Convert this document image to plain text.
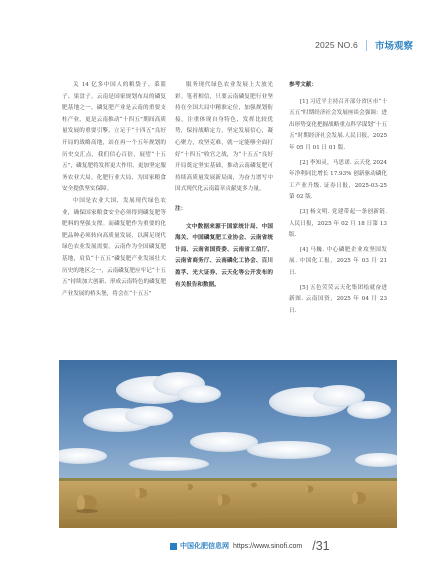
2025 NO.6 市场观察

关 14 亿多中国人的粮袋子、菜篮子、果盘子。云南是国家规划布局的磷复肥基地之一，磷复肥产业是云南的重要支柱产业，更是云南推动“十四五”期间高质量发展的重要引擎。立足于“十四五”良好开局的战略高地，站在再一个五年规划的历史交汇点，我们信心百倍，展望“十五五”，磷复肥将发挥更大作用、更加坚定服务农业大局，化肥行业大局、为国家粮食安全提供坚实保障。

中国是农业大国，发展现代绿色农业，确保国家粮食安全必须得到磷复肥等肥料的坚强支撑。而磷复肥作为重要的化肥品种必须转向高质量发展，以满足现代绿色农业发展需要。云南作为全国磷复肥基地，肩负“十五五”磷复肥产业发展壮大历史的地区之一，云南磷复肥应牢记“十五五”持续加大创新、形成云南特色的磷复肥产业发展的桥头堡，将会在“十五五”

服务现代绿色农业发展上大放光彩。笔者相信，只要云南磷复肥行业坚持在全国大局中精准定位，加强规划衔接，注重体现自身特色，发挥比较优势，保持战略定力，坚定发展信心，凝心聚力，攻坚克难，就一定能够全面打好“十四五”收官之战，为“十五五”良好开局奠定坚实基础，推动云南磷复肥可持续高质量发展新局面，为奋力谱写中国式现代化云南篇章贡献更多力量。

注：

文中数据来源于国家统计局、中国海关、中国磷复肥工业协会、云南省统计局、云南省国资委、云南省工信厅、云南省商务厅、云南磷化工协会、百川盈孚、光大证券、云天化等公开发布的有关报告和数据。

参考文献：

[1] 习近平主持召开部分省区市“十五五”时期经济社会发展座谈会强调：进出形势变化把握战略重点科学谋划“十五五”时期经济社会发展.人民日报，2025 年 05 月 01 日 01 版.

[2] 李知灵，马思诺. 云天化 2024 年净利同比增长 17.93% 创新驱动磷化工产业升级. 证券日报，2025-03-25 第 02 版.

[3] 杨文明. 党建带起一条创新链. 人民日报，2025 年 02 月 18 日第 13 版.

[4] 马巍. 中心磷肥企业攻坚国发展. 中国化工报，2025 年 03 月 21 日.

[5] 五色荧荧云天化集团绘就奋进新图. 云南国资，2025 年 04 月 23 日.

中国化肥信息网 https://www.sinofi.com /31
